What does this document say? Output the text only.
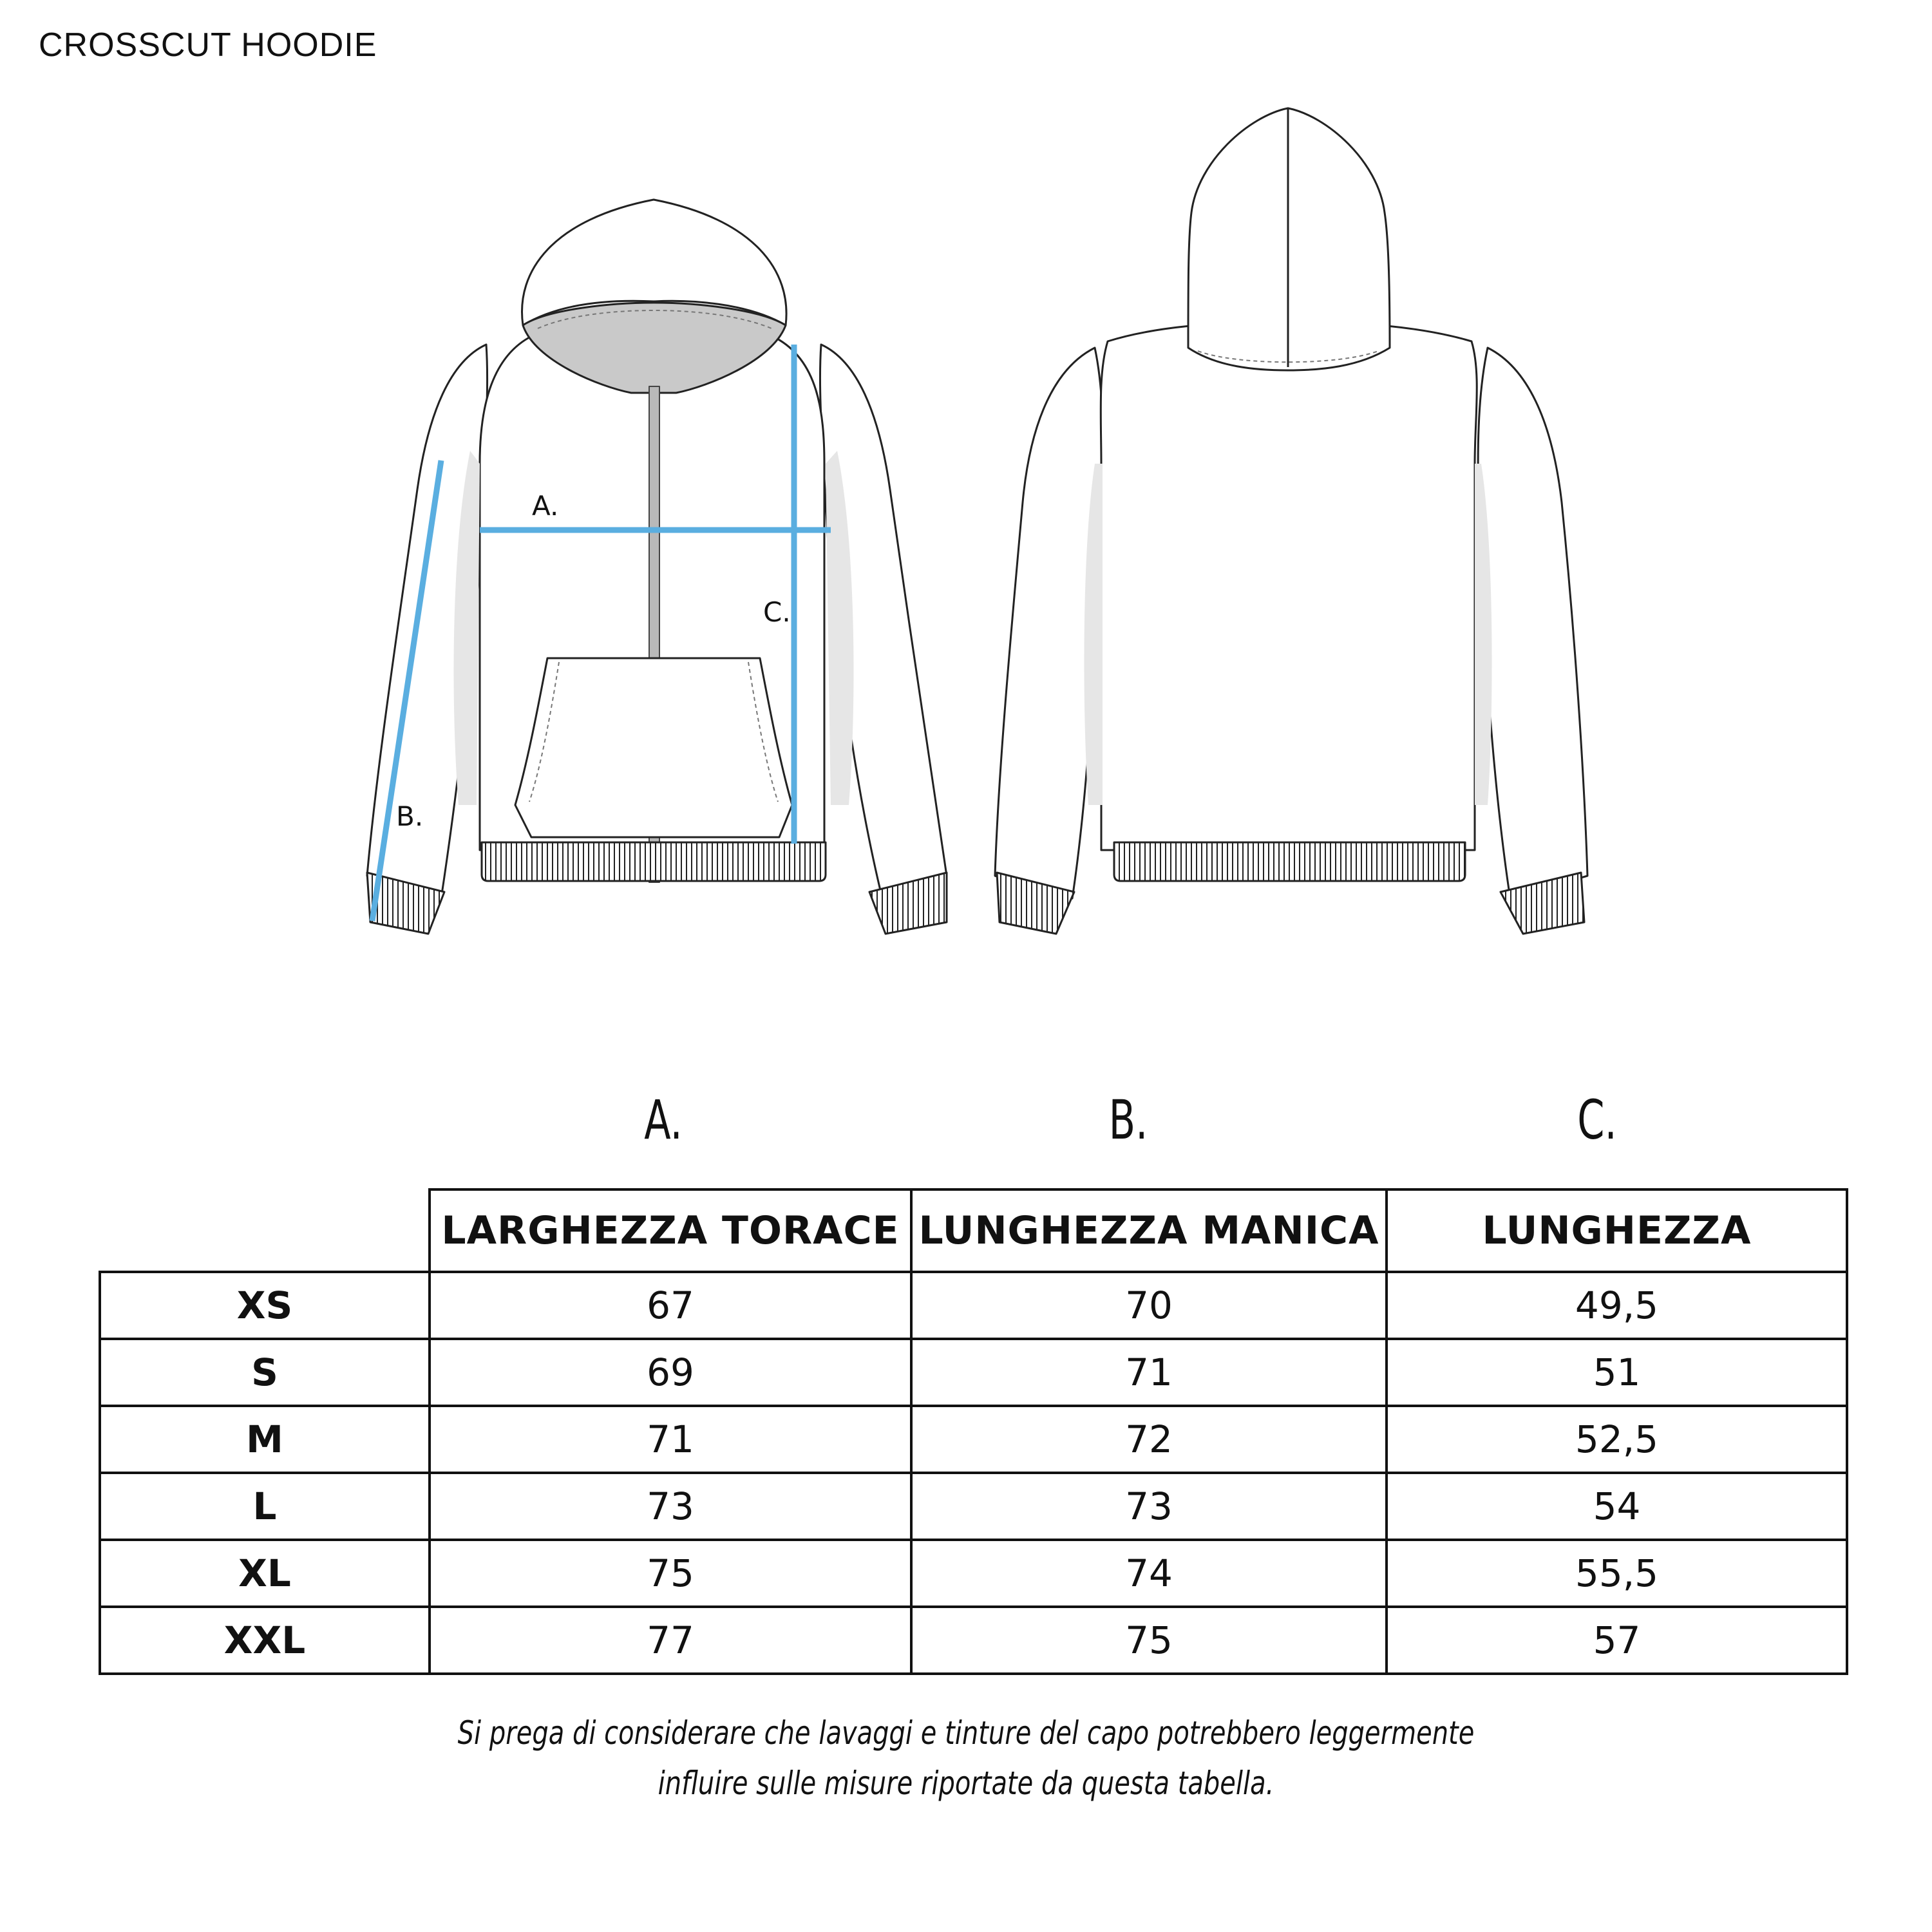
CROSSCUT HOODIE
A.
B.
C.
A.	B.	C.
	LARGHEZZA TORACE	LUNGHEZZA MANICA	LUNGHEZZA
XS	67	70	49,5
S	69	71	51
M	71	72	52,5
L	73	73	54
XL	75	74	55,5
XXL	77	75	57
Si prega di considerare che lavaggi e tinture del capo potrebbero leggermente
influire sulle misure riportate da questa tabella.
